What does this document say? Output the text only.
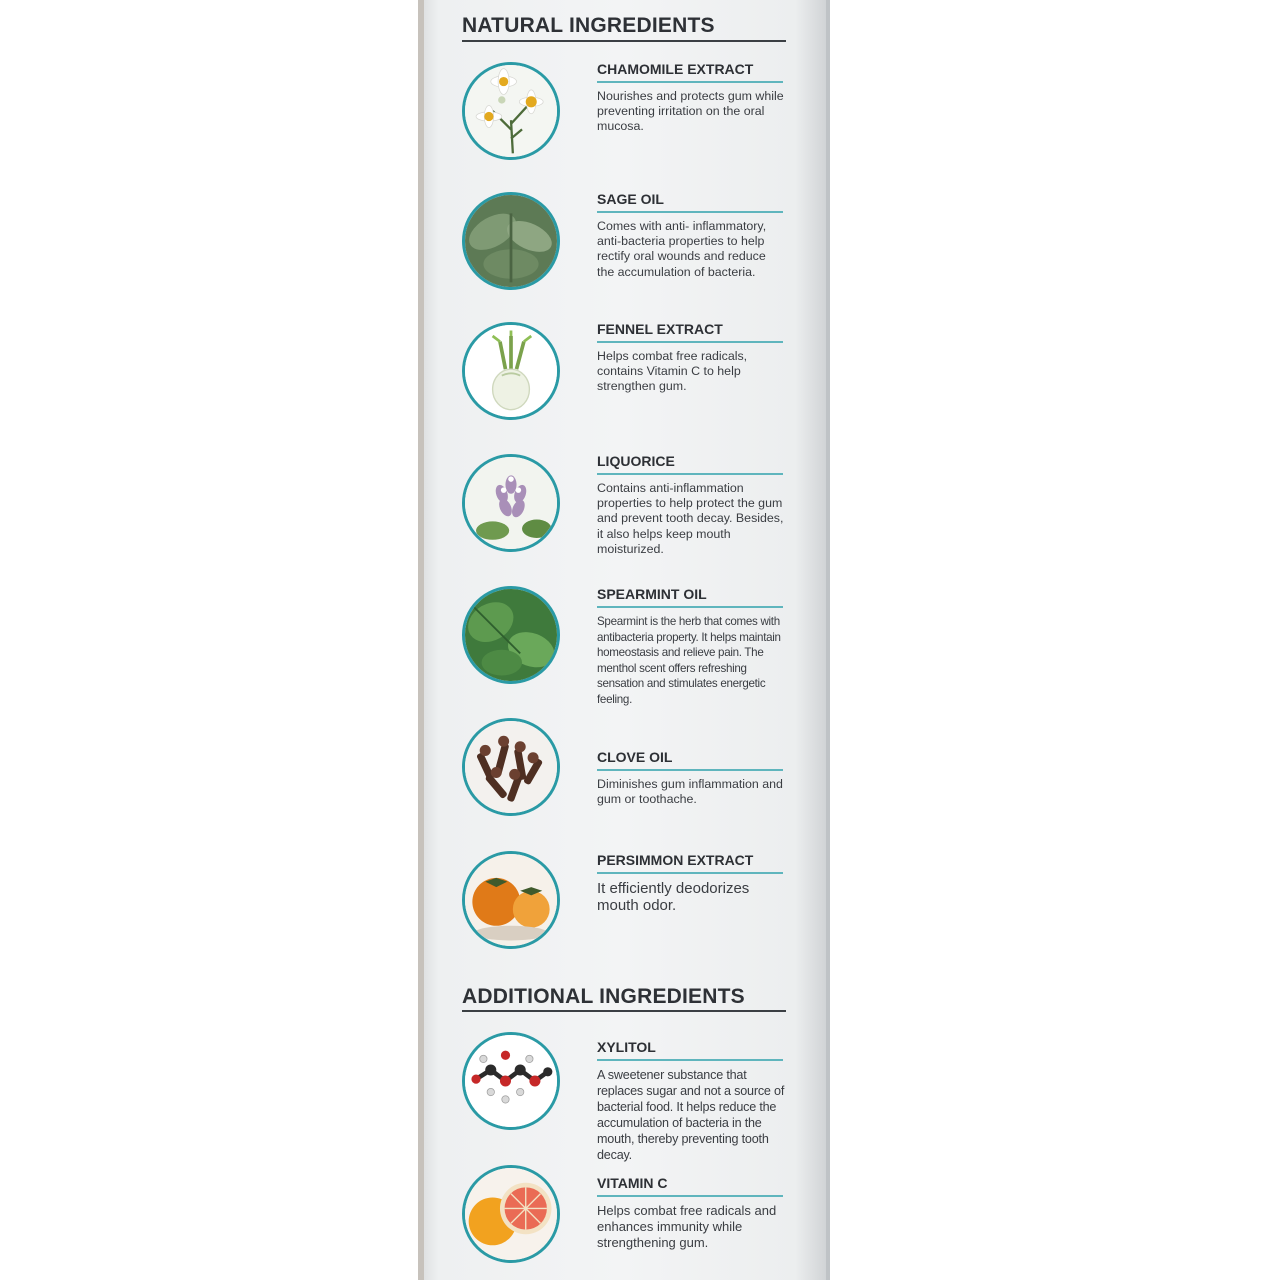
NATURAL INGREDIENTS
CHAMOMILE EXTRACT
Nourishes and protects gum while preventing irritation on the oral mucosa.
SAGE OIL
Comes with anti- inflammatory, anti-bacteria properties to help rectify oral wounds and reduce the accumulation of bacteria.
FENNEL EXTRACT
Helps combat free radicals, contains Vitamin C to help strengthen gum.
LIQUORICE
Contains anti-inflammation properties to help protect the gum and prevent tooth decay. Besides, it also helps keep mouth moisturized.
SPEARMINT OIL
Spearmint is the herb that comes with antibacteria property. It helps maintain homeostasis and relieve pain. The menthol scent offers refreshing sensation and stimulates energetic feeling.
CLOVE OIL
Diminishes gum inflammation and gum or toothache.
PERSIMMON EXTRACT
It efficiently deodorizes mouth odor.
ADDITIONAL INGREDIENTS
XYLITOL
A sweetener substance that replaces sugar and not a source of bacterial food. It helps reduce the accumulation of bacteria in the mouth, thereby preventing tooth decay.
VITAMIN C
Helps combat free radicals and enhances immunity while strengthening gum.
